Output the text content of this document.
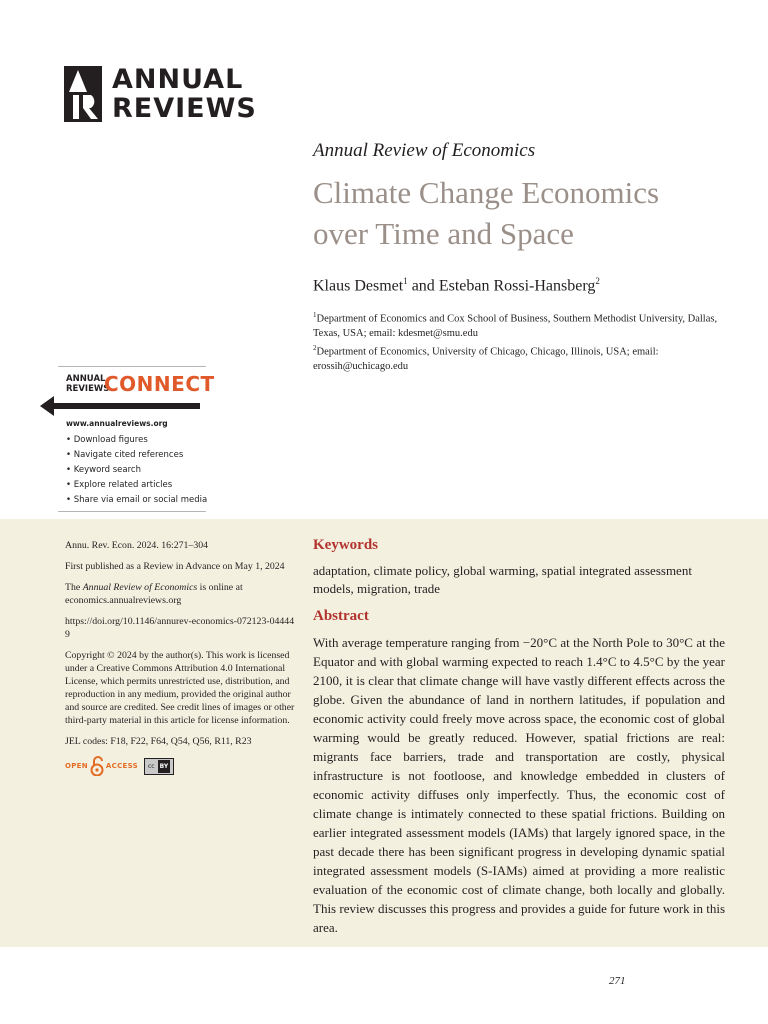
ANNUAL
REVIEWS
Annual Review of Economics
Climate Change Economics
over Time and Space
Klaus Desmet$^1$ and Esteban Rossi-Hansberg$^2$
$^1$Department of Economics and Cox School of Business, Southern Methodist University, Dallas, Texas, USA; email: kdesmet@smu.edu
$^2$Department of Economics, University of Chicago, Chicago, Illinois, USA; email: erossih@uchicago.edu
ANNUAL
REVIEWS
CONNECT
www.annualreviews.org
• Download figures
• Navigate cited references
• Keyword search
• Explore related articles
• Share via email or social media

Annu. Rev. Econ. 2024. 16:271–304

First published as a Review in Advance on May 1, 2024

The Annual Review of Economics is online at economics.annualreviews.org

https://doi.org/10.1146/annurev-economics-072123-044449

Copyright © 2024 by the author(s). This work is licensed under a Creative Commons Attribution 4.0 International License, which permits unrestricted use, distribution, and reproduction in any medium, provided the original author and source are credited. See credit lines of images or other third-party material in this article for license information.

JEL codes: F18, F22, F64, Q54, Q56, R11, R23

OPEN	ACCESS cc BY
Keywords

adaptation, climate policy, global warming, spatial integrated assessment models, migration, trade

Abstract

With average temperature ranging from −20°C at the North Pole to 30°C at the Equator and with global warming expected to reach 1.4°C to 4.5°C by the year 2100, it is clear that climate change will have vastly different effects across the globe. Given the abundance of land in northern latitudes, if population and economic activity could freely move across space, the economic cost of global warming would be greatly reduced. However, spatial frictions are real: migrants face barriers, trade and transportation are costly, physical infrastructure is not footloose, and knowledge embedded in clusters of economic activity diffuses only imperfectly. Thus, the economic cost of climate change is intimately connected to these spatial frictions. Building on earlier integrated assessment models (IAMs) that largely ignored space, in the past decade there has been significant progress in developing dynamic spatial integrated assessment models (S-IAMs) aimed at providing a more realistic evaluation of the economic cost of climate change, both locally and globally. This review discusses this progress and provides a guide for future work in this area.

271
